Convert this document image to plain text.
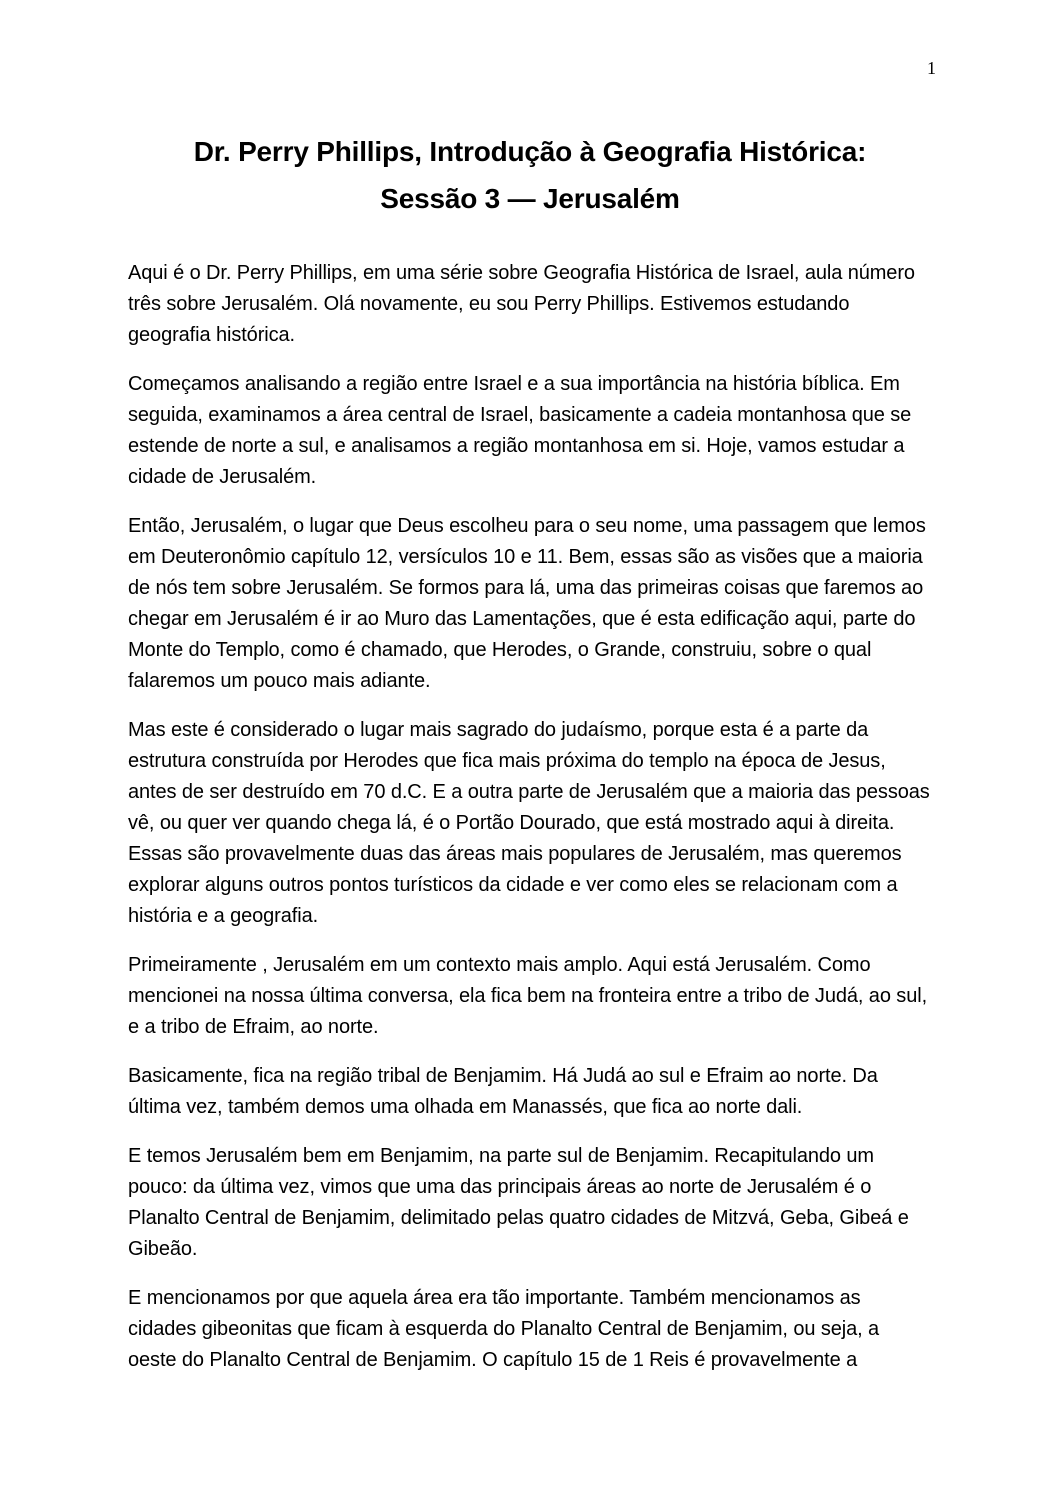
1
Dr. Perry Phillips, Introdução à Geografia Histórica:
Sessão 3 — Jerusalém

Aqui é o Dr. Perry Phillips, em uma série sobre Geografia Histórica de Israel, aula número três sobre Jerusalém. Olá novamente, eu sou Perry Phillips. Estivemos estudando geografia histórica.

Começamos analisando a região entre Israel e a sua importância na história bíblica. Em seguida, examinamos a área central de Israel, basicamente a cadeia montanhosa que se estende de norte a sul, e analisamos a região montanhosa em si. Hoje, vamos estudar a cidade de Jerusalém.

Então, Jerusalém, o lugar que Deus escolheu para o seu nome, uma passagem que lemos em Deuteronômio capítulo 12, versículos 10 e 11. Bem, essas são as visões que a maioria de nós tem sobre Jerusalém. Se formos para lá, uma das primeiras coisas que faremos ao chegar em Jerusalém é ir ao Muro das Lamentações, que é esta edificação aqui, parte do Monte do Templo, como é chamado, que Herodes, o Grande, construiu, sobre o qual falaremos um pouco mais adiante.

Mas este é considerado o lugar mais sagrado do judaísmo, porque esta é a parte da estrutura construída por Herodes que fica mais próxima do templo na época de Jesus, antes de ser destruído em 70 d.C. E a outra parte de Jerusalém que a maioria das pessoas vê, ou quer ver quando chega lá, é o Portão Dourado, que está mostrado aqui à direita. Essas são provavelmente duas das áreas mais populares de Jerusalém, mas queremos explorar alguns outros pontos turísticos da cidade e ver como eles se relacionam com a história e a geografia.

Primeiramente , Jerusalém em um contexto mais amplo. Aqui está Jerusalém. Como mencionei na nossa última conversa, ela fica bem na fronteira entre a tribo de Judá, ao sul, e a tribo de Efraim, ao norte.

Basicamente, fica na região tribal de Benjamim. Há Judá ao sul e Efraim ao norte. Da última vez, também demos uma olhada em Manassés, que fica ao norte dali.

E temos Jerusalém bem em Benjamim, na parte sul de Benjamim. Recapitulando um pouco: da última vez, vimos que uma das principais áreas ao norte de Jerusalém é o Planalto Central de Benjamim, delimitado pelas quatro cidades de Mitzvá, Geba, Gibeá e Gibeão.

E mencionamos por que aquela área era tão importante. Também mencionamos as cidades gibeonitas que ficam à esquerda do Planalto Central de Benjamim, ou seja, a oeste do Planalto Central de Benjamim. O capítulo 15 de 1 Reis é provavelmente a
